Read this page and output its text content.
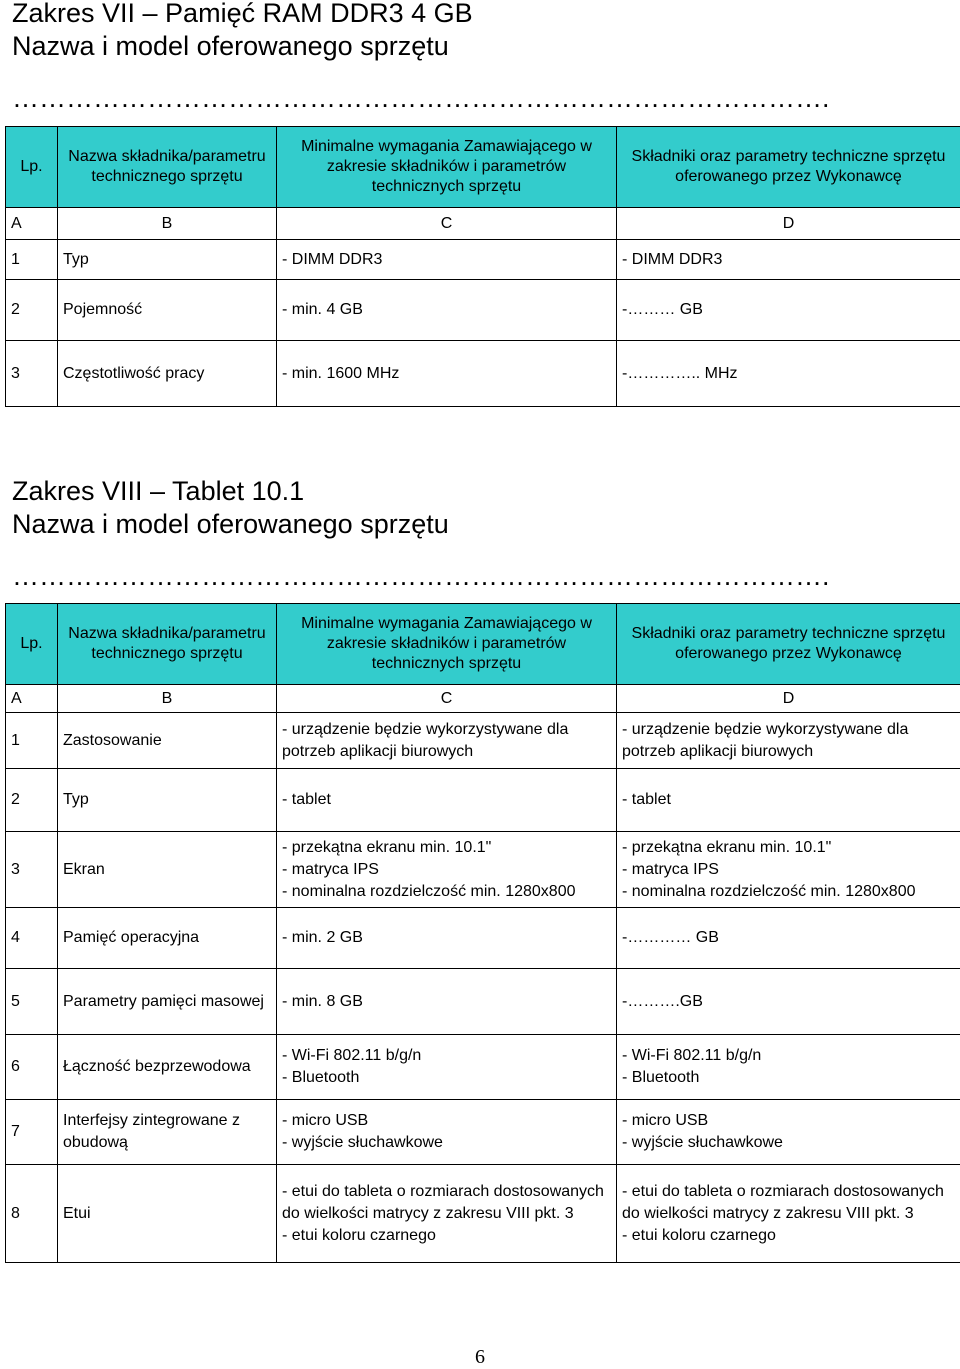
Zakres VII – Pamięć RAM DDR3 4 GB
Nazwa i model oferowanego sprzętu
……………………………………………………………………………….
Lp.	Nazwa składnika/parametru technicznego sprzętu	Minimalne wymagania Zamawiającego w zakresie składników i parametrów technicznych sprzętu	Składniki oraz parametry techniczne sprzętu oferowanego przez Wykonawcę
A	B	C	D
1	Typ	- DIMM DDR3	- DIMM DDR3

2	Pojemność	- min. 4 GB	-……… GB

3	Częstotliwość pracy	- min. 1600 MHz	-………….. MHz
Zakres VIII – Tablet 10.1
Nazwa i model oferowanego sprzętu
……………………………………………………………………………….
Lp.	Nazwa składnika/parametru technicznego sprzętu	Minimalne wymagania Zamawiającego w zakresie składników i parametrów technicznych sprzętu	Składniki oraz parametry techniczne sprzętu oferowanego przez Wykonawcę
A	B	C	D
1	Zastosowanie	- urządzenie będzie wykorzystywane dla potrzeb aplikacji biurowych	- urządzenie będzie wykorzystywane dla potrzeb aplikacji biurowych

2	Typ	- tablet	- tablet

3	Ekran	- przekątna ekranu min. 10.1"
- matryca IPS
- nominalna rozdzielczość min. 1280x800	- przekątna ekranu min. 10.1"
- matryca IPS
- nominalna rozdzielczość min. 1280x800

4	Pamięć operacyjna	- min. 2 GB	-………… GB

5	Parametry pamięci masowej	- min. 8 GB	-……….GB

6	Łączność bezprzewodowa	- Wi-Fi 802.11 b/g/n
- Bluetooth	- Wi-Fi 802.11 b/g/n
- Bluetooth

7	Interfejsy zintegrowane z obudową	- micro USB
- wyjście słuchawkowe	- micro USB
- wyjście słuchawkowe

8	Etui	- etui do tableta o rozmiarach dostosowanych do wielkości matrycy z zakresu VIII pkt. 3
- etui koloru czarnego	- etui do tableta o rozmiarach dostosowanych do wielkości matrycy z zakresu VIII pkt. 3
- etui koloru czarnego
6
